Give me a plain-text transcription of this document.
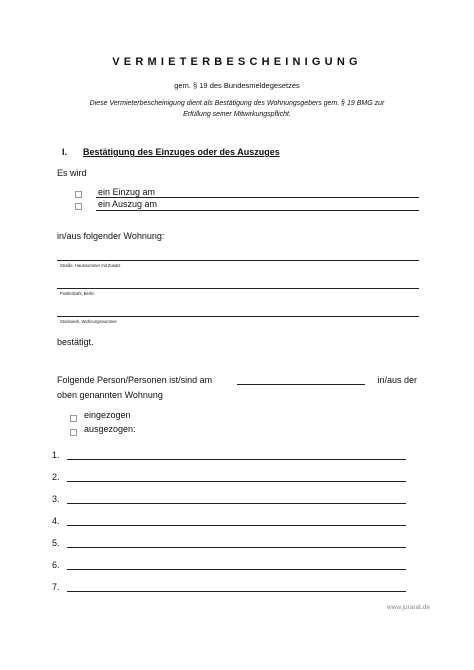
VERMIETERBESCHEINIGUNG
gem. § 19 des Bundesmeldegesetzes
Diese Vermieterbescheinigung dient als Bestätigung des Wohnungsgebers gem. § 19 BMG zur
Erfüllung seiner Mitwirkungspflicht.
I. Bestätigung des Einzuges oder des Auszuges
Es wird
ein Einzug am
ein Auszug am
in/aus folgender Wohnung:
Straße, Hausnummer mit Zusatz
Postleitzahl, Berlin
Stockwerk, Wohnungsnummer
bestätigt.
Folgende Person/Personen ist/sind am	in/aus der
oben genannten Wohnung
eingezogen
ausgezogen:
1.
2.
3.
4.
5.
6.
7.
www.jurarat.de
